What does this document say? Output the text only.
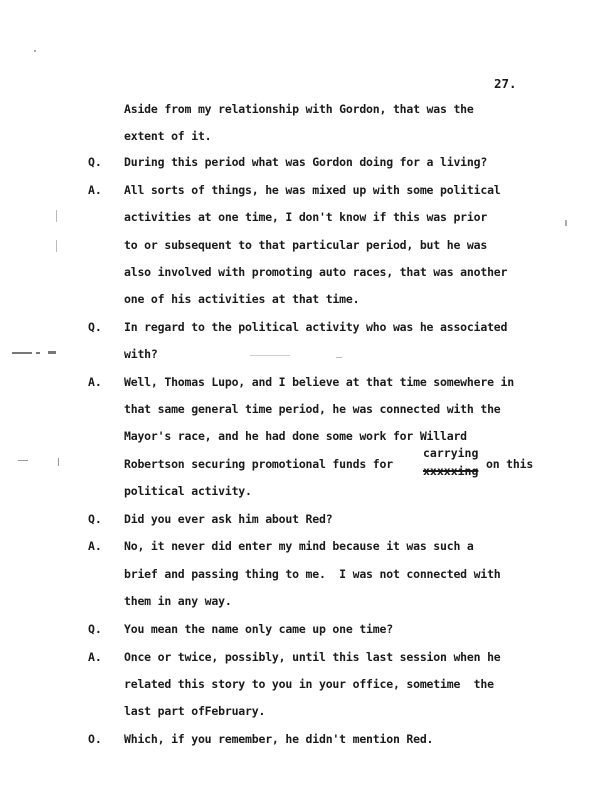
27.
Q.
A.
Q.
A.
Q.
A.
Q.
A.
O.
Aside from my relationship with Gordon, that was the
extent of it.
During this period what was Gordon doing for a living?
All sorts of things, he was mixed up with some political
activities at one time, I don't know if this was prior
to or subsequent to that particular period, but he was
also involved with promoting auto races, that was another
one of his activities at that time.
In regard to the political activity who was he associated
with?
Well, Thomas Lupo, and I believe at that time somewhere in
that same general time period, he was connected with the
Mayor's race, and he had done some work for Willard
Robertson securing promotional funds for	on this
political activity.
Did you ever ask him about Red?
No, it never did enter my mind because it was such a
brief and passing thing to me.  I was not connected with
them in any way.
You mean the name only came up one time?
Once or twice, possibly, until this last session when he
related this story to you in your office, sometime  the
last part ofFebruary.
Which, if you remember, he didn't mention Red.
carrying
xxxxxing
